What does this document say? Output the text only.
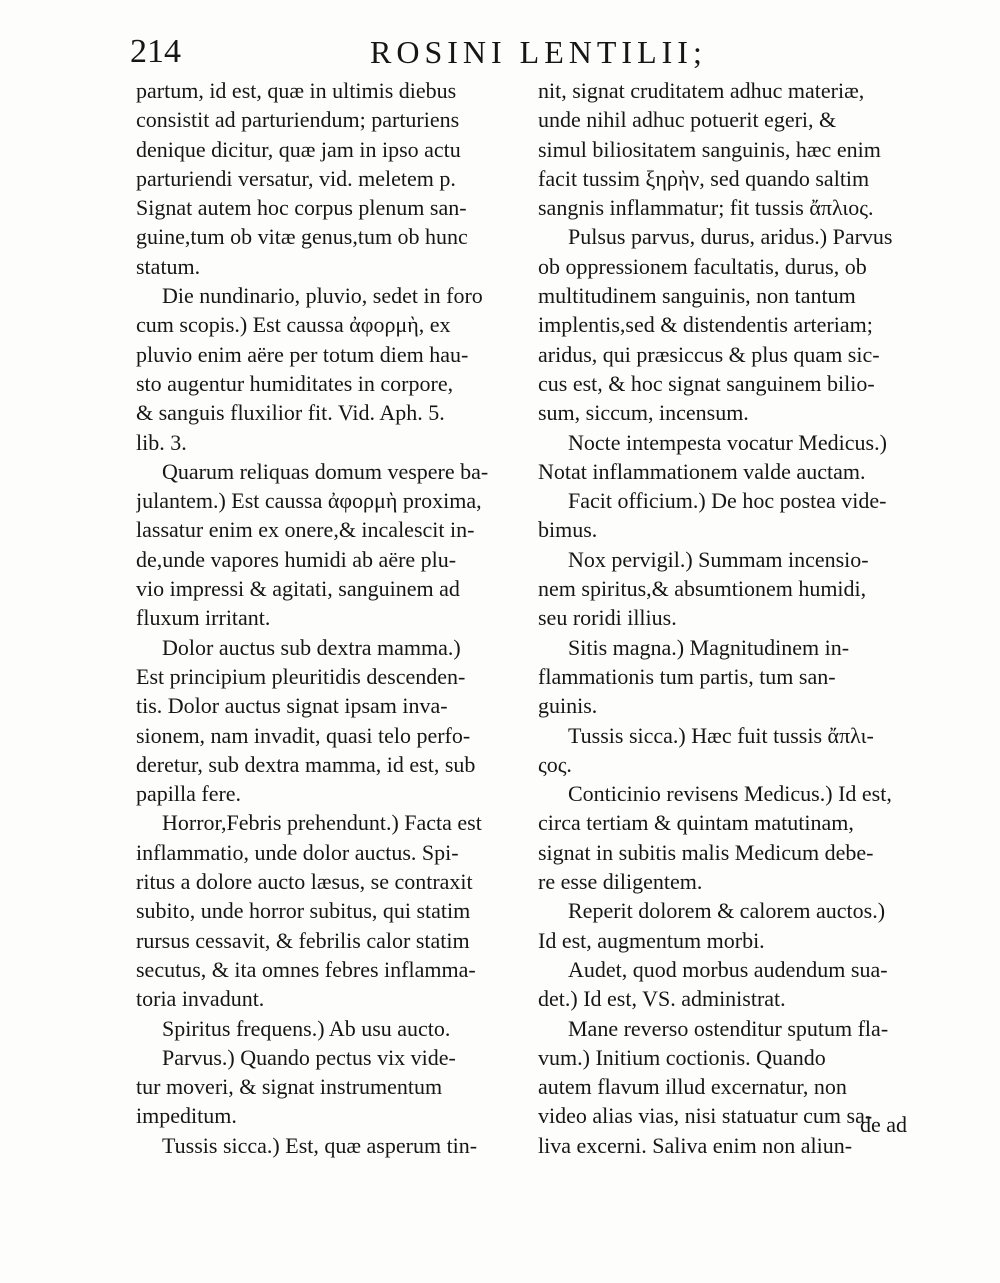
214	ROSINI LENTILII;
partum, id est, quæ in ultimis diebus
consistit ad parturiendum; parturiens
denique dicitur, quæ jam in ipso actu
parturiendi versatur, vid. meletem p.
Signat autem hoc corpus plenum san-
guine,tum ob vitæ genus,tum ob hunc
statum.
Die nundinario, pluvio, sedet in foro
cum scopis.) Est caussa ἀφορμὴ, ex
pluvio enim aëre per totum diem hau-
sto augentur humiditates in corpore,
& sanguis fluxilior fit. Vid. Aph. 5.
lib. 3.
Quarum reliquas domum vespere ba-
julantem.) Est caussa ἀφορμὴ proxima,
lassatur enim ex onere,& incalescit in-
de,unde vapores humidi ab aëre plu-
vio impressi & agitati, sanguinem ad
fluxum irritant.
Dolor auctus sub dextra mamma.)
Est principium pleuritidis descenden-
tis. Dolor auctus signat ipsam inva-
sionem, nam invadit, quasi telo perfo-
deretur, sub dextra mamma, id est, sub
papilla fere.
Horror,Febris prehendunt.) Facta est
inflammatio, unde dolor auctus. Spi-
ritus a dolore aucto læsus, se contraxit
subito, unde horror subitus, qui statim
rursus cessavit, & febrilis calor statim
secutus, & ita omnes febres inflamma-
toria invadunt.
Spiritus frequens.) Ab usu aucto.
Parvus.) Quando pectus vix vide-
tur moveri, & signat instrumentum
impeditum.
Tussis sicca.) Est, quæ asperum tin-
nit, signat cruditatem adhuc materiæ,
unde nihil adhuc potuerit egeri, &
simul biliositatem sanguinis, hæc enim
facit tussim ξηρὴν, sed quando saltim
sangnis inflammatur; fit tussis ἄπλιος.
Pulsus parvus, durus, aridus.) Parvus
ob oppressionem facultatis, durus, ob
multitudinem sanguinis, non tantum
implentis,sed & distendentis arteriam;
aridus, qui præsiccus & plus quam sic-
cus est, & hoc signat sanguinem bilio-
sum, siccum, incensum.
Nocte intempesta vocatur Medicus.)
Notat inflammationem valde auctam.
Facit officium.) De hoc postea vide-
bimus.
Nox pervigil.) Summam incensio-
nem spiritus,& absumtionem humidi,
seu roridi illius.
Sitis magna.) Magnitudinem in-
flammationis tum partis, tum san-
guinis.
Tussis sicca.) Hæc fuit tussis ἄπλι-
ςος.
Conticinio revisens Medicus.) Id est,
circa tertiam & quintam matutinam,
signat in subitis malis Medicum debe-
re esse diligentem.
Reperit dolorem & calorem auctos.)
Id est, augmentum morbi.
Audet, quod morbus audendum sua-
det.) Id est, VS. administrat.
Mane reverso ostenditur sputum fla-
vum.) Initium coctionis. Quando
autem flavum illud excernatur, non
video alias vias, nisi statuatur cum sa-
liva excerni. Saliva enim non aliun-
de ad
